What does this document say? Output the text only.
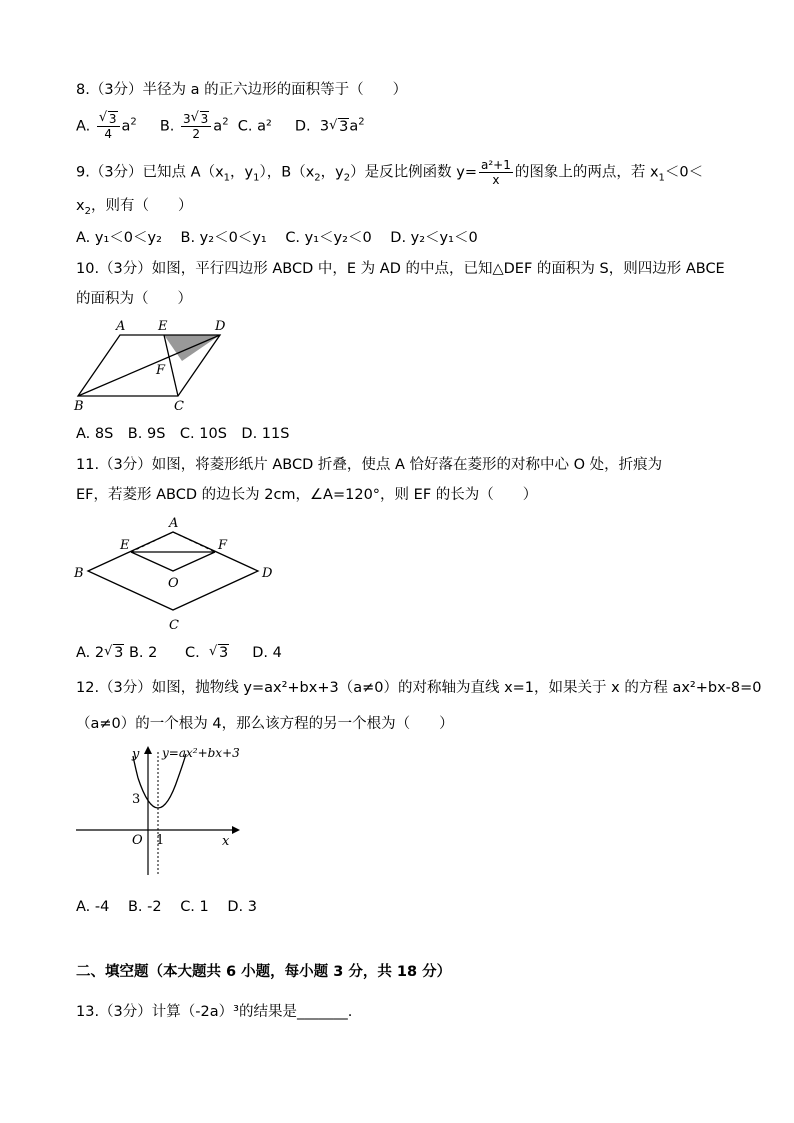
8.（3分）半径为 a 的正六边形的面积等于（　　）
A. √ $\frac{3}{4} a^2$ B. $\frac{3 √ 3}{2} a^2$ C. a² D. 3 √ $3a^2$
9.（3分）已知点 $A(x_1$，$y_1$），$B(x_2$，$y_2$）是反比例函数 $y= \frac{\text{a²+1}}{x}$ 的图象上的两点，若 $x_1<0<$
$x_2$，则有（　　）
A. y₁＜0＜y₂ B. y₂＜0＜y₁ C. y₁＜y₂＜0 D. y₂＜y₁＜0
10.（3分）如图，平行四边形 ABCD 中，E 为 AD 的中点，已知△DEF 的面积为 S，则四边形 ABCE
的面积为（　　）
A	E	D
F
B	C
A. 8S　B. 9S　C. 10S　D. 11S
11.（3分）如图，将菱形纸片 ABCD 折叠，使点 A 恰好落在菱形的对称中心 O 处，折痕为
EF，若菱形 ABCD 的边长为 2cm，∠A=120°，则 EF 的长为（　　）
A
E	F
B
O
D
C
A. 2 √ 3 B. 2 C. √ 3 D. 4
12.（3分）如图，抛物线 y=ax²+bx+3（a≠0）的对称轴为直线 x=1，如果关于 x 的方程 ax²+bx-8=0
（a≠0）的一个根为 4，那么该方程的另一个根为（　　）
y y=ax²+bx+3
3
O 1	x
A. -4 B. -2 C. 1 D. 3
二、填空题（本大题共 6 小题，每小题 3 分，共 18 分）
13.（3分）计算（-2a）³的结果是_______.
